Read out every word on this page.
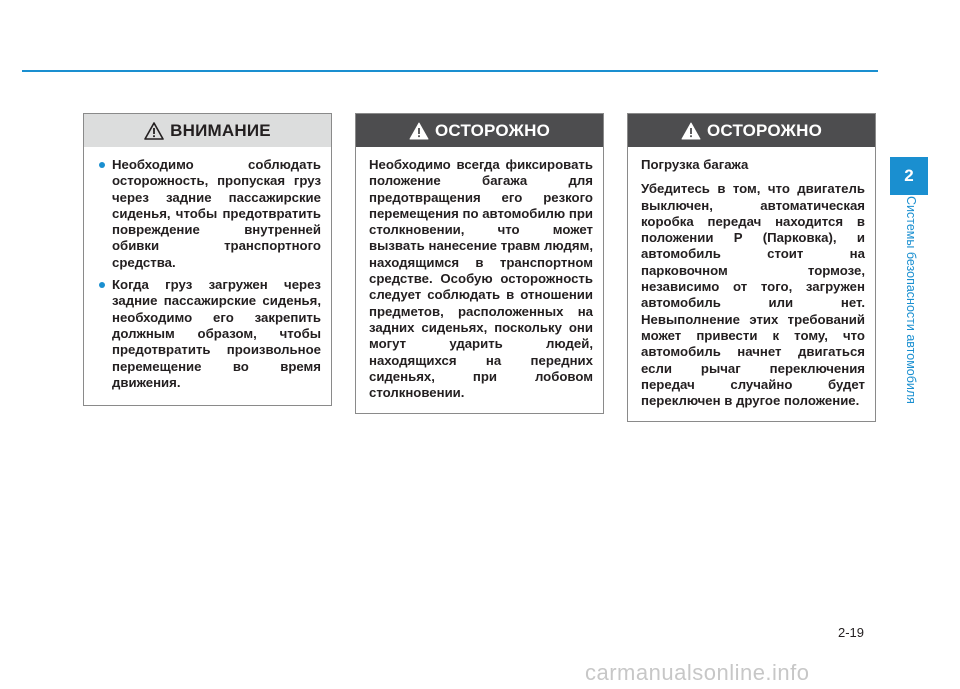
ВНИМАНИЕ
Необходимо соблюдать осторожность, пропуская груз через задние пассажирские сиденья, чтобы предотвратить повреждение внутренней обивки транспортного средства.
Когда груз загружен через задние пассажирские сиденья, необходимо его закрепить должным образом, чтобы предотвратить произвольное перемещение во время движения.
ОСТОРОЖНО

Необходимо всегда фиксировать положение багажа для предотвращения его резкого перемещения по автомобилю при столкновении, что может вызвать нанесение травм людям, находящимся в транспортном средстве. Особую осторожность следует соблюдать в отношении предметов, расположенных на задних сиденьях, поскольку они могут ударить людей, находящихся на передних сиденьях, при лобовом столкновении.

ОСТОРОЖНО

Погрузка багажа

Убедитесь в том, что двигатель выключен, автоматическая коробка передач находится в положении P (Парковка), и автомобиль стоит на парковочном тормозе, независимо от того, загружен автомобиль или нет. Невыполнение этих требований может привести к тому, что автомобиль начнет двигаться если рычаг переключения передач случайно будет переключен в другое положение.

2
Системы безопасности автомобиля
2-19
carmanualsonline.info
